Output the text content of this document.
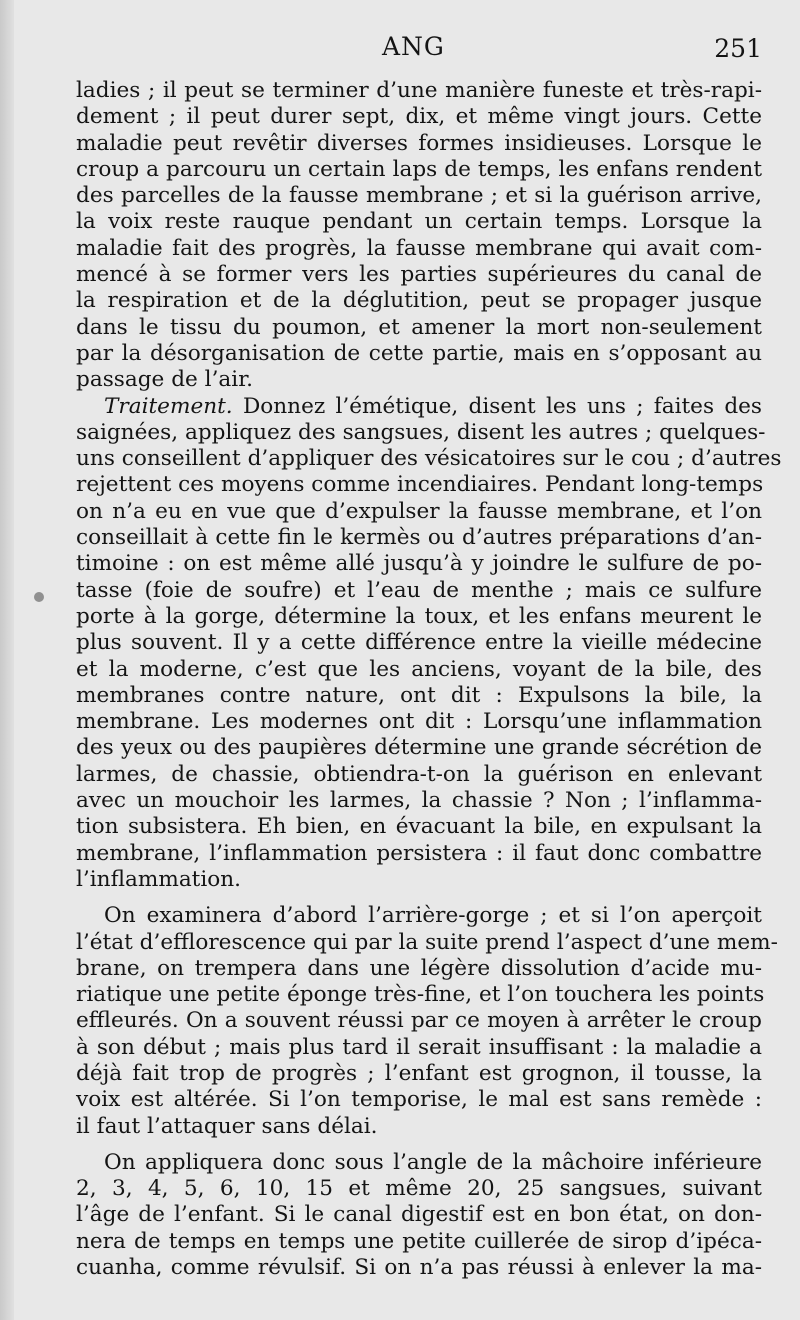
ANG	251
ladies ; il peut se terminer d’une manière funeste et très-rapi-
dement ; il peut durer sept, dix, et même vingt jours. Cette
maladie peut revêtir diverses formes insidieuses. Lorsque le
croup a parcouru un certain laps de temps, les enfans rendent
des parcelles de la fausse membrane ; et si la guérison arrive,
la voix reste rauque pendant un certain temps. Lorsque la
maladie fait des progrès, la fausse membrane qui avait com-
mencé à se former vers les parties supérieures du canal de
la respiration et de la déglutition, peut se propager jusque
dans le tissu du poumon, et amener la mort non-seulement
par la désorganisation de cette partie, mais en s’opposant au
passage de l’air.
Traitement. Donnez l’émétique, disent les uns ; faites des
saignées, appliquez des sangsues, disent les autres ; quelques-
uns conseillent d’appliquer des vésicatoires sur le cou ; d’autres
rejettent ces moyens comme incendiaires. Pendant long-temps
on n’a eu en vue que d’expulser la fausse membrane, et l’on
conseillait à cette fin le kermès ou d’autres préparations d’an-
timoine : on est même allé jusqu’à y joindre le sulfure de po-
tasse (foie de soufre) et l’eau de menthe ; mais ce sulfure
porte à la gorge, détermine la toux, et les enfans meurent le
plus souvent. Il y a cette différence entre la vieille médecine
et la moderne, c’est que les anciens, voyant de la bile, des
membranes contre nature, ont dit : Expulsons la bile, la
membrane. Les modernes ont dit : Lorsqu’une inflammation
des yeux ou des paupières détermine une grande sécrétion de
larmes, de chassie, obtiendra-t-on la guérison en enlevant
avec un mouchoir les larmes, la chassie ? Non ; l’inflamma-
tion subsistera. Eh bien, en évacuant la bile, en expulsant la
membrane, l’inflammation persistera : il faut donc combattre
l’inflammation.
On examinera d’abord l’arrière-gorge ; et si l’on aperçoit
l’état d’efflorescence qui par la suite prend l’aspect d’une mem-
brane, on trempera dans une légère dissolution d’acide mu-
riatique une petite éponge très-fine, et l’on touchera les points
effleurés. On a souvent réussi par ce moyen à arrêter le croup
à son début ; mais plus tard il serait insuffisant : la maladie a
déjà fait trop de progrès ; l’enfant est grognon, il tousse, la
voix est altérée. Si l’on temporise, le mal est sans remède :
il faut l’attaquer sans délai.
On appliquera donc sous l’angle de la mâchoire inférieure
2, 3, 4, 5, 6, 10, 15 et même 20, 25 sangsues, suivant
l’âge de l’enfant. Si le canal digestif est en bon état, on don-
nera de temps en temps une petite cuillerée de sirop d’ipéca-
cuanha, comme révulsif. Si on n’a pas réussi à enlever la ma-
